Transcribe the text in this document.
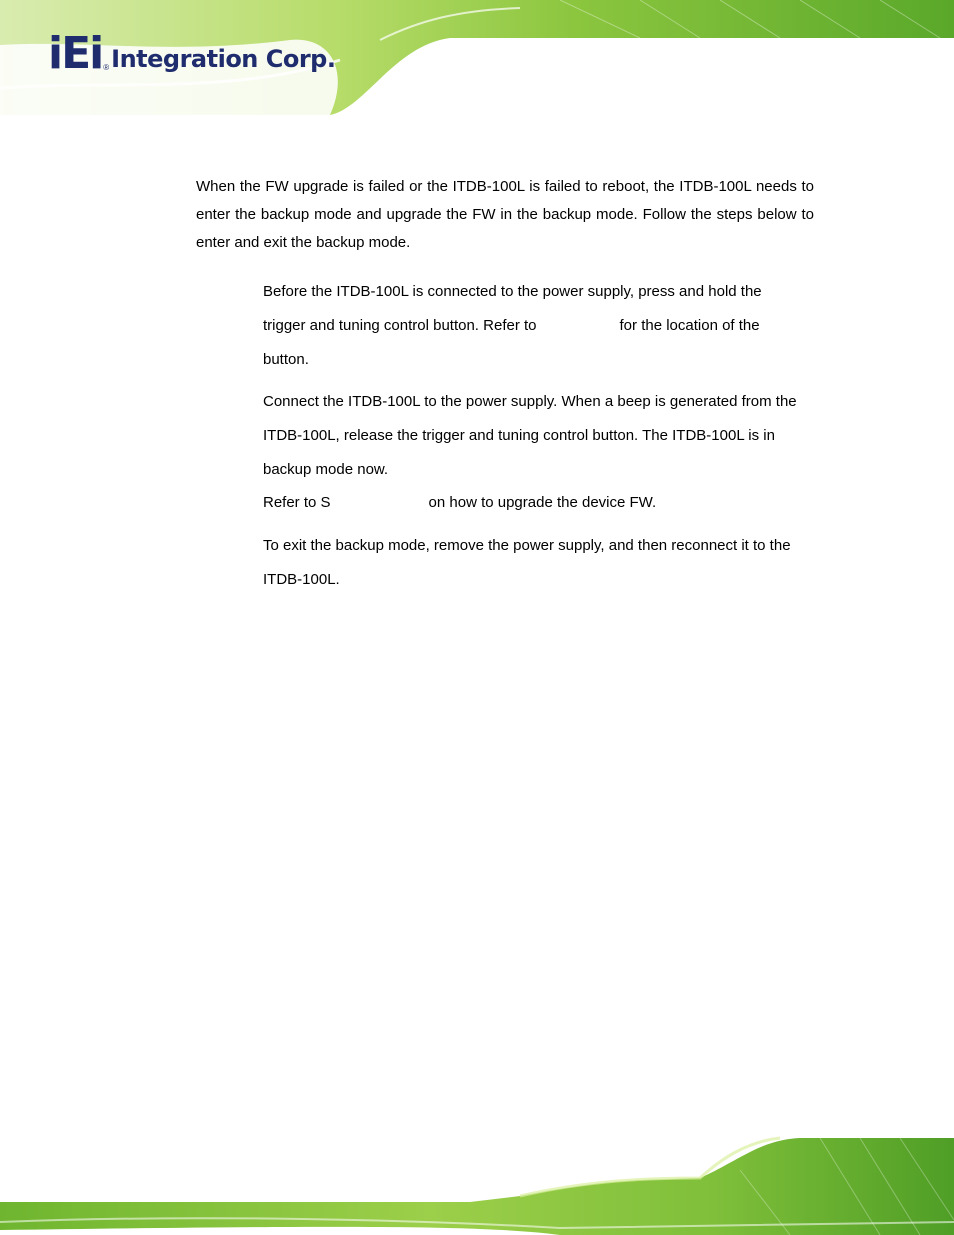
iEi ® Integration Corp.

When the FW upgrade is failed or the ITDB-100L is failed to reboot, the ITDB-100L needs to enter the backup mode and upgrade the FW in the backup mode. Follow the steps below to enter and exit the backup mode.

Before the ITDB-100L is connected to the power supply, press and hold the
trigger and tuning control button. Refer to	for the location of the
button.
Connect the ITDB-100L to the power supply. When a beep is generated from the
ITDB-100L, release the trigger and tuning control button. The ITDB-100L is in
backup mode now.
Refer to S	on how to upgrade the device FW.
To exit the backup mode, remove the power supply, and then reconnect it to the
ITDB-100L.
